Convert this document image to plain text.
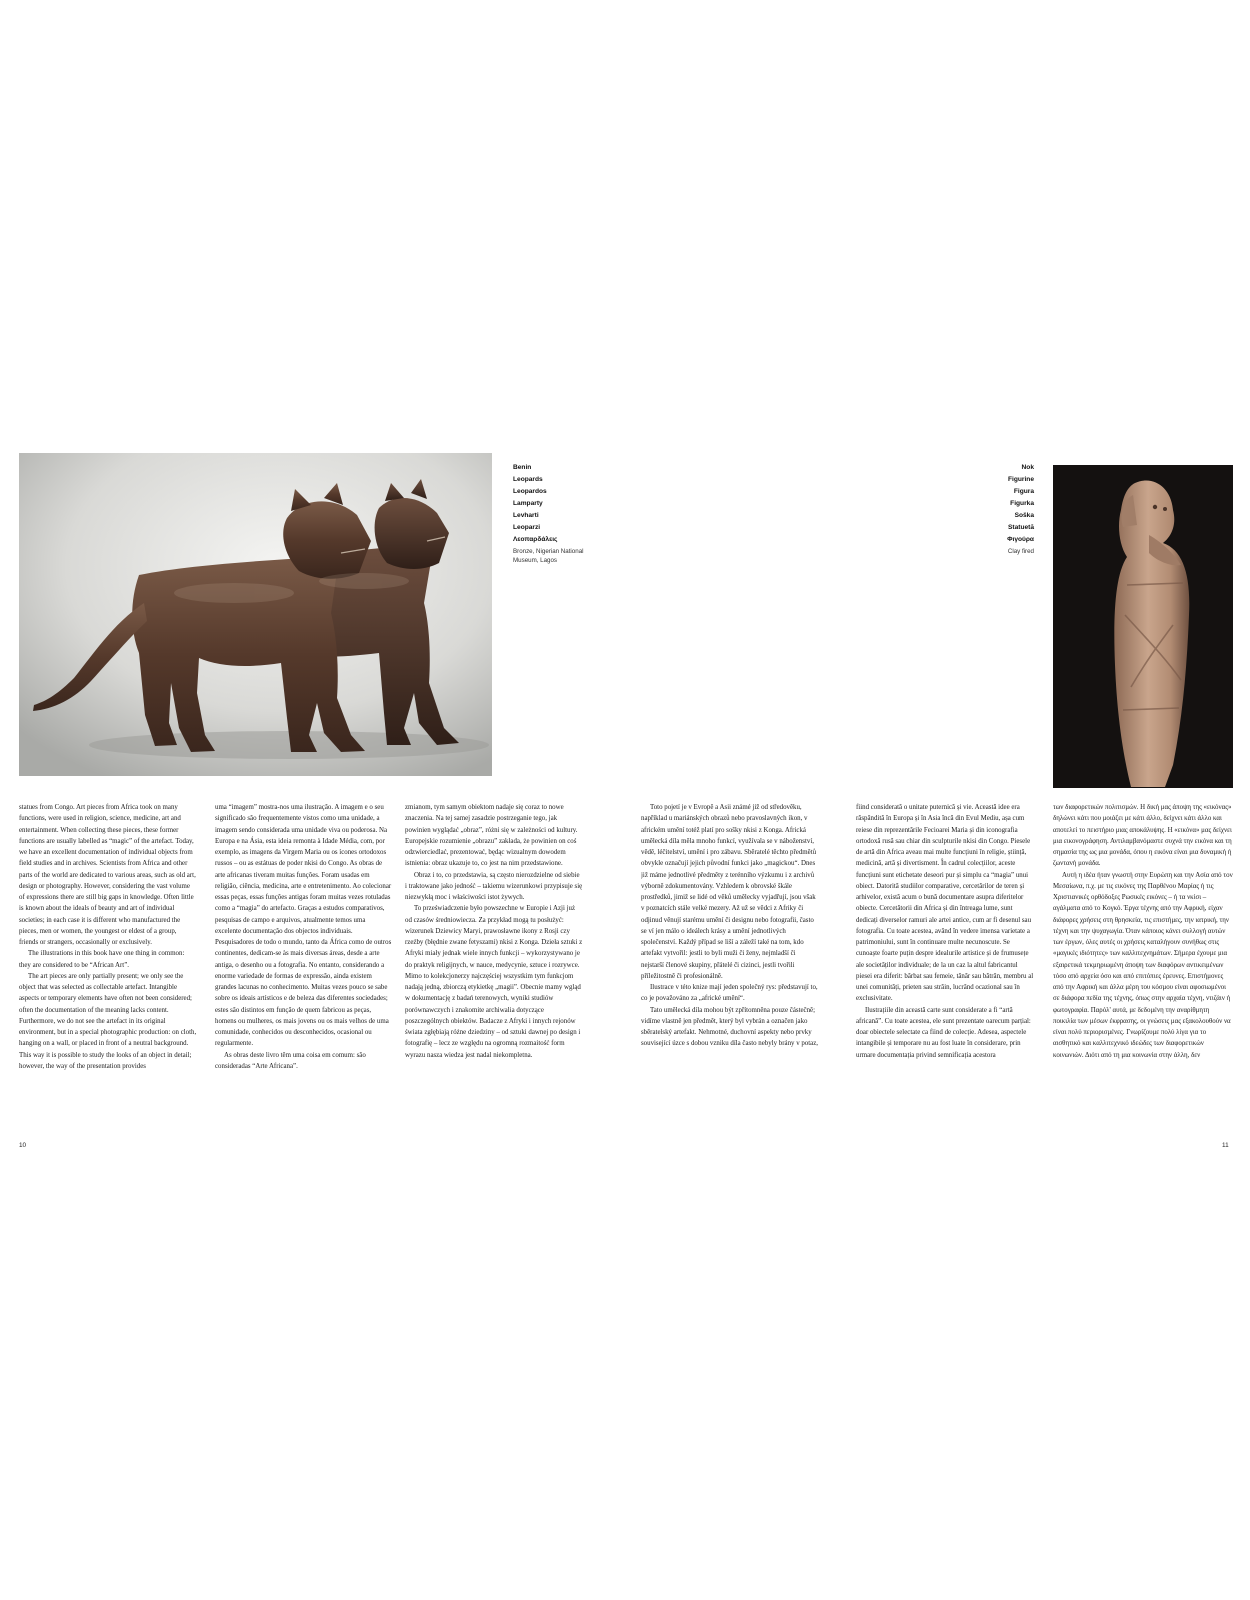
Benin
Leopards
Leopardos
Lamparty
Levharti
Leoparzi
Λεοπαρδάλεις
Bronze, Nigerian National Museum, Lagos
Nok
Figurine
Figura
Figurka
Soška
Statuetă
Φιγούρα
Clay fired

statues from Congo. Art pieces from Africa took on many functions, were used in religion, science, medicine, art and entertainment. When collecting these pieces, these former functions are usually labelled as “magic” of the artefact. Today, we have an excellent documentation of individual objects from field studies and in archives. Scientists from Africa and other parts of the world are dedicated to various areas, such as old art, design or photography. However, considering the vast volume of expressions there are still big gaps in knowledge. Often little is known about the ideals of beauty and art of individual societies; in each case it is different who manufactured the pieces, men or women, the youngest or eldest of a group, friends or strangers, occasionally or exclusively.

The illustrations in this book have one thing in common: they are considered to be “African Art”.

The art pieces are only partially present; we only see the object that was selected as collectable artefact. Intangible aspects or temporary elements have often not been considered; often the documentation of the meaning lacks content. Furthermore, we do not see the artefact in its original environment, but in a special photographic production: on cloth, hanging on a wall, or placed in front of a neutral background. This way it is possible to study the looks of an object in detail; however, the way of the presentation provides

uma “imagem” mostra-nos uma ilustração. A imagem e o seu significado são frequentemente vistos como uma unidade, a imagem sendo considerada uma unidade viva ou poderosa. Na Europa e na Ásia, esta ideia remonta à Idade Média, com, por exemplo, as imagens da Virgem Maria ou os ícones ortodoxos russos – ou as estátuas de poder nkisi do Congo. As obras de arte africanas tiveram muitas funções. Foram usadas em religião, ciência, medicina, arte e entretenimento. Ao colecionar essas peças, essas funções antigas foram muitas vezes rotuladas como a “magia” do artefacto. Graças a estudos comparativos, pesquisas de campo e arquivos, atualmente temos uma excelente documentação dos objectos individuais. Pesquisadores de todo o mundo, tanto da África como de outros continentes, dedicam-se às mais diversas áreas, desde a arte antiga, o desenho ou a fotografia. No entanto, considerando a enorme variedade de formas de expressão, ainda existem grandes lacunas no conhecimento. Muitas vezes pouco se sabe sobre os ideais artísticos e de beleza das diferentes sociedades; estes são distintos em função de quem fabricou as peças, homens ou mulheres, os mais jovens ou os mais velhos de uma comunidade, conhecidos ou desconhecidos, ocasional ou regularmente.

As obras deste livro têm uma coisa em comum: são consideradas “Arte Africana”.

zmianom, tym samym obiektom nadaje się coraz to nowe znaczenia. Na tej samej zasadzie postrzeganie tego, jak powinien wyglądać „obraz”, różni się w zależności od kultury. Europejskie rozumienie „obrazu” zakłada, że powinien on coś odzwierciedlać, prezentować, będąc wizualnym dowodem istnienia: obraz ukazuje to, co jest na nim przedstawione.

Obraz i to, co przedstawia, są często nierozdzielne od siebie i traktowane jako jedność – takiemu wizerunkowi przypisuje się niezwykłą moc i właściwości istot żywych.

To przeświadczenie było powszechne w Europie i Azji już od czasów średniowiecza. Za przykład mogą tu posłużyć: wizerunek Dziewicy Maryi, prawosławne ikony z Rosji czy rzeźby (błędnie zwane fetyszami) nkisi z Konga. Dzieła sztuki z Afryki miały jednak wiele innych funkcji – wykorzystywano je do praktyk religijnych, w nauce, medycynie, sztuce i rozrywce. Mimo to kolekcjonerzy najczęściej wszystkim tym funkcjom nadają jedną, zbiorczą etykietkę „magii”. Obecnie mamy wgląd w dokumentację z badań terenowych, wyniki studiów porównawczych i znakomite archiwalia dotyczące poszczególnych obiektów. Badacze z Afryki i innych rejonów świata zgłębiają różne dziedziny – od sztuki dawnej po design i fotografię – lecz ze względu na ogromną rozmaitość form wyrazu nasza wiedza jest nadal niekompletna.

Toto pojetí je v Evropě a Asii známé již od středověku, například u mariánských obrazů nebo pravoslavných ikon, v africkém umění totéž platí pro sošky nkisi z Konga. Africká umělecká díla měla mnoho funkcí, využívala se v náboženství, vědě, léčitelství, umění i pro zábavu. Sběratelé těchto předmětů obvykle označují jejich původní funkci jako „magickou“. Dnes již máme jednotlivé předměty z terénního výzkumu i z archivů výborně zdokumentovány. Vzhledem k obrovské škále prostředků, jimiž se lidé od věků umělecky vyjadřují, jsou však v poznatcích stále velké mezery. Až už se vědci z Afriky či odjinud věnují starému umění či designu nebo fotografii, často se ví jen málo o ideálech krásy a umění jednotlivých společenství. Každý případ se liší a záleží také na tom, kdo artefakt vytvořil: jestli to byli muži či ženy, nejmladší či nejstarší členové skupiny, přátelé či cizinci, jestli tvořili příležitostně či profesionálně.

Ilustrace v této knize mají jeden společný rys: představují to, co je považováno za „africké umění“.

Tato umělecká díla mohou být zpřítomněna pouze částečně; vidíme vlastně jen předmět, který byl vybrán a označen jako sběratelský artefakt. Nehmotné, duchovní aspekty nebo prvky související úzce s dobou vzniku díla často nebyly brány v potaz,

fiind considerată o unitate puternică și vie. Această idee era răspândită în Europa și în Asia încă din Evul Mediu, așa cum reiese din reprezentările Fecioarei Maria și din iconografia ortodoxă rusă sau chiar din sculpturile nkisi din Congo. Piesele de artă din Africa aveau mai multe funcțiuni în religie, știință, medicină, artă și divertisment. În cadrul colecțiilor, aceste funcțiuni sunt etichetate deseori pur și simplu ca “magia” unui obiect. Datorită studiilor comparative, cercetărilor de teren și arhivelor, există acum o bună documentare asupra diferitelor obiecte. Cercetătorii din Africa și din întreaga lume, sunt dedicați diverselor ramuri ale artei antice, cum ar fi desenul sau fotografia. Cu toate acestea, având în vedere imensa varietate a patrimoniului, sunt în continuare multe necunoscute. Se cunoaște foarte puțin despre idealurile artistice și de frumusețe ale societăților individuale; de la un caz la altul fabricantul piesei era diferit: bărbat sau femeie, tânăr sau bătrân, membru al unei comunități, prieten sau străin, lucrând ocazional sau în exclusivitate.

Ilustrațiile din această carte sunt considerate a fi “artă africană”. Cu toate acestea, ele sunt prezentate oarecum parțial: doar obiectele selectate ca fiind de colecție. Adesea, aspectele intangibile și temporare nu au fost luate în considerare, prin urmare documentația privind semnificația acestora

των διαφορετικών πολιτισμών. Η δική μας άποψη της «εικόνας» δηλώνει κάτι που μοιάζει με κάτι άλλο, δείχνει κάτι άλλο και αποτελεί το πειστήριο μιας αποκάλυψης. Η «εικόνα» μας δείχνει μια εικονογράφηση. Αντιλαμβανόμαστε συχνά την εικόνα και τη σημασία της ως μια μονάδα, όπου η εικόνα είναι μια δυναμική ή ζωντανή μονάδα.

Αυτή η ιδέα ήταν γνωστή στην Ευρώπη και την Ασία από τον Μεσαίωνα, π.χ. με τις εικόνες της Παρθένου Μαρίας ή τις Χριστιανικές ορθόδοξες Ρωσικές εικόνες – ή τα νκίσι – αγάλματα από το Κογκό. Έργα τέχνης από την Αφρική, είχαν διάφορες χρήσεις στη θρησκεία, τις επιστήμες, την ιατρική, την τέχνη και την ψυχαγωγία. Όταν κάποιος κάνει συλλογή αυτών των έργων, όλες αυτές οι χρήσεις καταλήγουν συνήθως στις «μαγικές ιδιότητες» των καλλιτεχνημάτων. Σήμερα έχουμε μια εξαιρετικά τεκμηριωμένη άποψη των διαφόρων αντικειμένων τόσο από αρχεία όσο και από επιτόπιες έρευνες. Επιστήμονες από την Αφρική και άλλα μέρη του κόσμου είναι αφοσιωμένοι σε διάφορα πεδία της τέχνης, όπως στην αρχαία τέχνη, ντιζάιν ή φωτογραφία. Παρόλ' αυτά, με δεδομένη την αναρίθμητη ποικιλία των μέσων έκφρασης, οι γνώσεις μας εξακολουθούν να είναι πολύ περιορισμένες. Γνωρίζουμε πολύ λίγα για το αισθητικό και καλλιτεχνικό ιδεώδες των διαφορετικών κοινωνιών. Διότι από τη μια κοινωνία στην άλλη, δεν

10	11
